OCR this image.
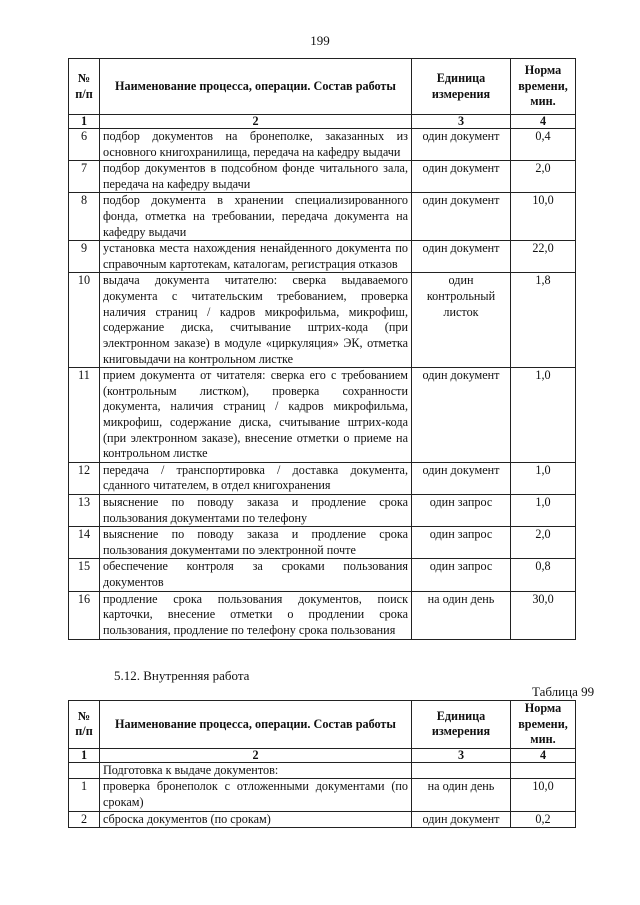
199
№ п/п	Наименование процесса, операции. Состав работы	Единица измерения	Норма времени, мин.
1	2	3	4
6	подбор документов на бронеполке, заказанных из основного книгохранилища, передача на кафедру выдачи	один документ	0,4
7	подбор документов в подсобном фонде читального зала, передача на кафедру выдачи	один документ	2,0
8	подбор документа в хранении специализированного фонда, отметка на требовании, передача документа на кафедру выдачи	один документ	10,0
9	установка места нахождения ненайденного документа по справочным картотекам, каталогам, регистрация отказов	один документ	22,0
10	выдача документа читателю: сверка выдаваемого документа с читательским требованием, проверка наличия страниц / кадров микрофильма, микрофиш, содержание диска, считывание штрих-кода (при электронном заказе) в модуле «циркуляция» ЭК, отметка книговыдачи на контрольном листке	один контрольный листок	1,8
11	прием документа от читателя: сверка его с требованием (контрольным листком), проверка сохранности документа, наличия страниц / кадров микрофильма, микрофиш, содержание диска, считывание штрих-кода (при электронном заказе), внесение отметки о приеме на контрольном листке	один документ	1,0
12	передача / транспортировка / доставка документа, сданного читателем, в отдел книгохранения	один документ	1,0
13	выяснение по поводу заказа и продление срока пользования документами по телефону	один запрос	1,0
14	выяснение по поводу заказа и продление срока пользования документами по электронной почте	один запрос	2,0
15	обеспечение контроля за сроками пользования документов	один запрос	0,8
16	продление срока пользования документов, поиск карточки, внесение отметки о продлении срока пользования, продление по телефону срока пользования	на один день	30,0
5.12. Внутренняя работа
Таблица 99
№ п/п	Наименование процесса, операции. Состав работы	Единица измерения	Норма времени, мин.
1	2	3	4
	Подготовка к выдаче документов:		
1	проверка бронеполок с отложенными документами (по срокам)	на один день	10,0
2	сброска документов (по срокам)	один документ	0,2
